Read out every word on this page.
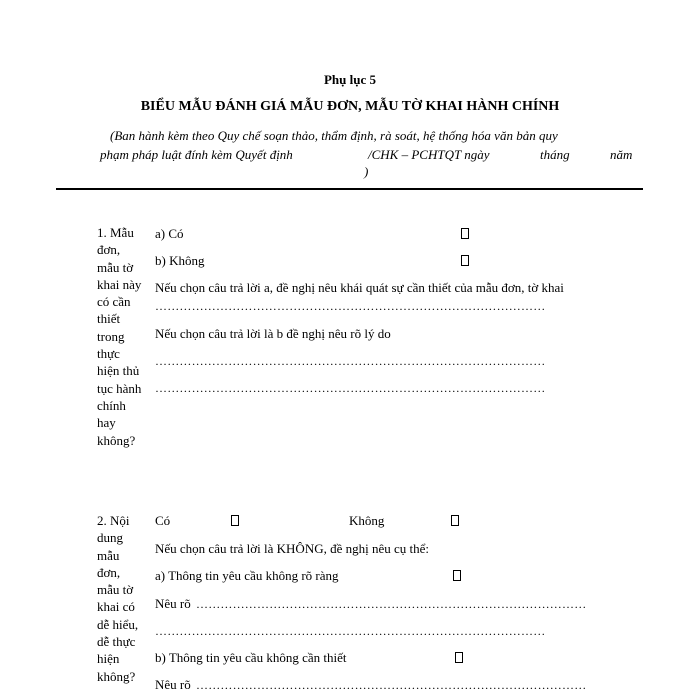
Phụ lục 5
BIỂU MẪU ĐÁNH GIÁ MẪU ĐƠN, MẪU TỜ KHAI HÀNH CHÍNH
(Ban hành kèm theo Quy chế soạn thảo, thẩm định, rà soát, hệ thống hóa văn bản quy
phạm pháp luật đính kèm Quyết định	/CHK – PCHTQT ngày	tháng	năm
)
1. Mẫu đơn, mẫu tờ khai này có cần thiết trong thực hiện thủ tục hành chính hay không?
a) Có
b) Không
Nếu chọn câu trả lời a, đề nghị nêu khái quát sự cần thiết của mẫu đơn, tờ khai
……………………………………………………………………………………
Nếu chọn câu trả lời là b đề nghị nêu rõ lý do
……………………………………………………………………………………
……………………………………………………………………………………
2. Nội dung mẫu đơn, mẫu tờ khai có dễ hiểu, dễ thực hiện không?
Có	Không
Nếu chọn câu trả lời là KHÔNG, đề nghị nêu cụ thể:
a) Thông tin yêu cầu không rõ ràng
Nêu rõ ……………………………………………………………………………………
……………………………………………………………………………………
b) Thông tin yêu cầu không cần thiết
Nêu rõ ……………………………………………………………………………………
